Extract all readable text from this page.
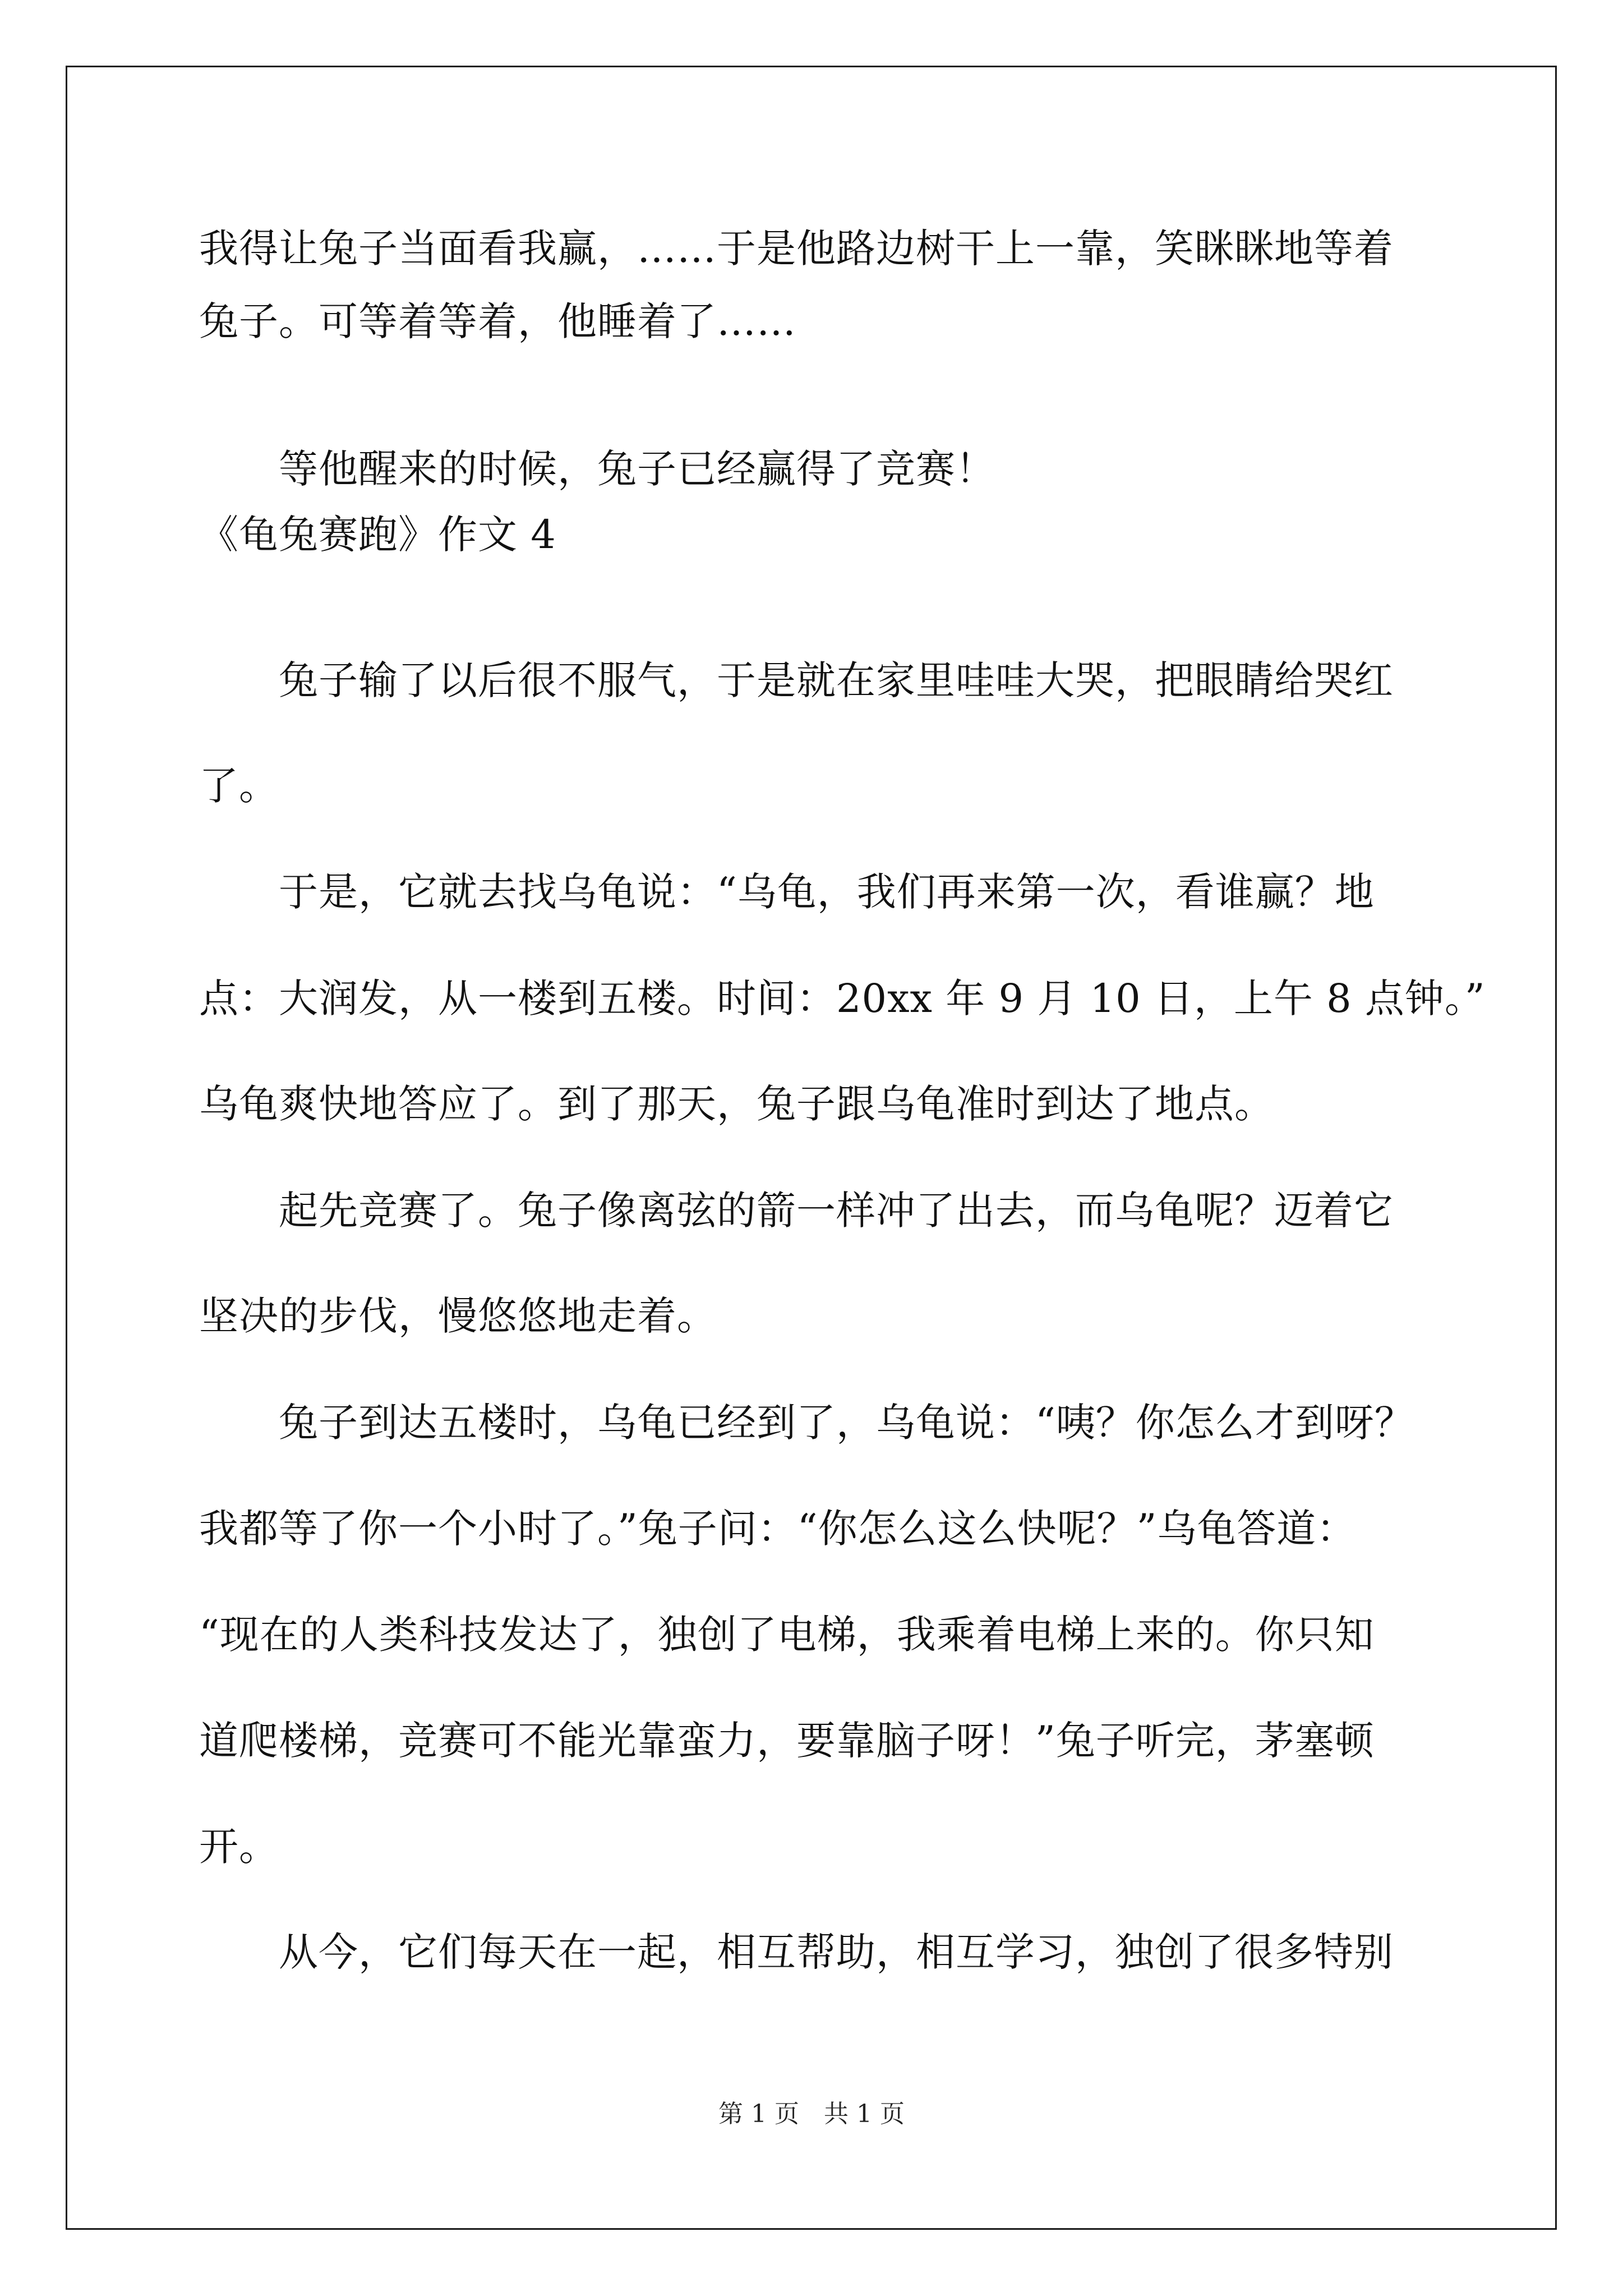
我得让兔子当面看我赢，……于是他路边树干上一靠，笑眯眯地等着
兔子。可等着等着，他睡着了……
　　等他醒来的时候，兔子已经赢得了竞赛！
《龟兔赛跑》作文 4
　　兔子输了以后很不服气，于是就在家里哇哇大哭，把眼睛给哭红
了。
　　于是，它就去找乌龟说：“乌龟，我们再来第一次，看谁赢？地
点：大润发，从一楼到五楼。时间：20xx 年 9 月 10 日，上午 8 点钟。”
乌龟爽快地答应了。到了那天，兔子跟乌龟准时到达了地点。
　　起先竞赛了。兔子像离弦的箭一样冲了出去，而乌龟呢？迈着它
坚决的步伐，慢悠悠地走着。
　　兔子到达五楼时，乌龟已经到了，乌龟说：“咦？你怎么才到呀？
我都等了你一个小时了。”兔子问：“你怎么这么快呢？”乌龟答道：
“现在的人类科技发达了，独创了电梯，我乘着电梯上来的。你只知
道爬楼梯，竞赛可不能光靠蛮力，要靠脑子呀！”兔子听完，茅塞顿
开。
　　从今，它们每天在一起，相互帮助，相互学习，独创了很多特别
第 1 页　共 1 页
